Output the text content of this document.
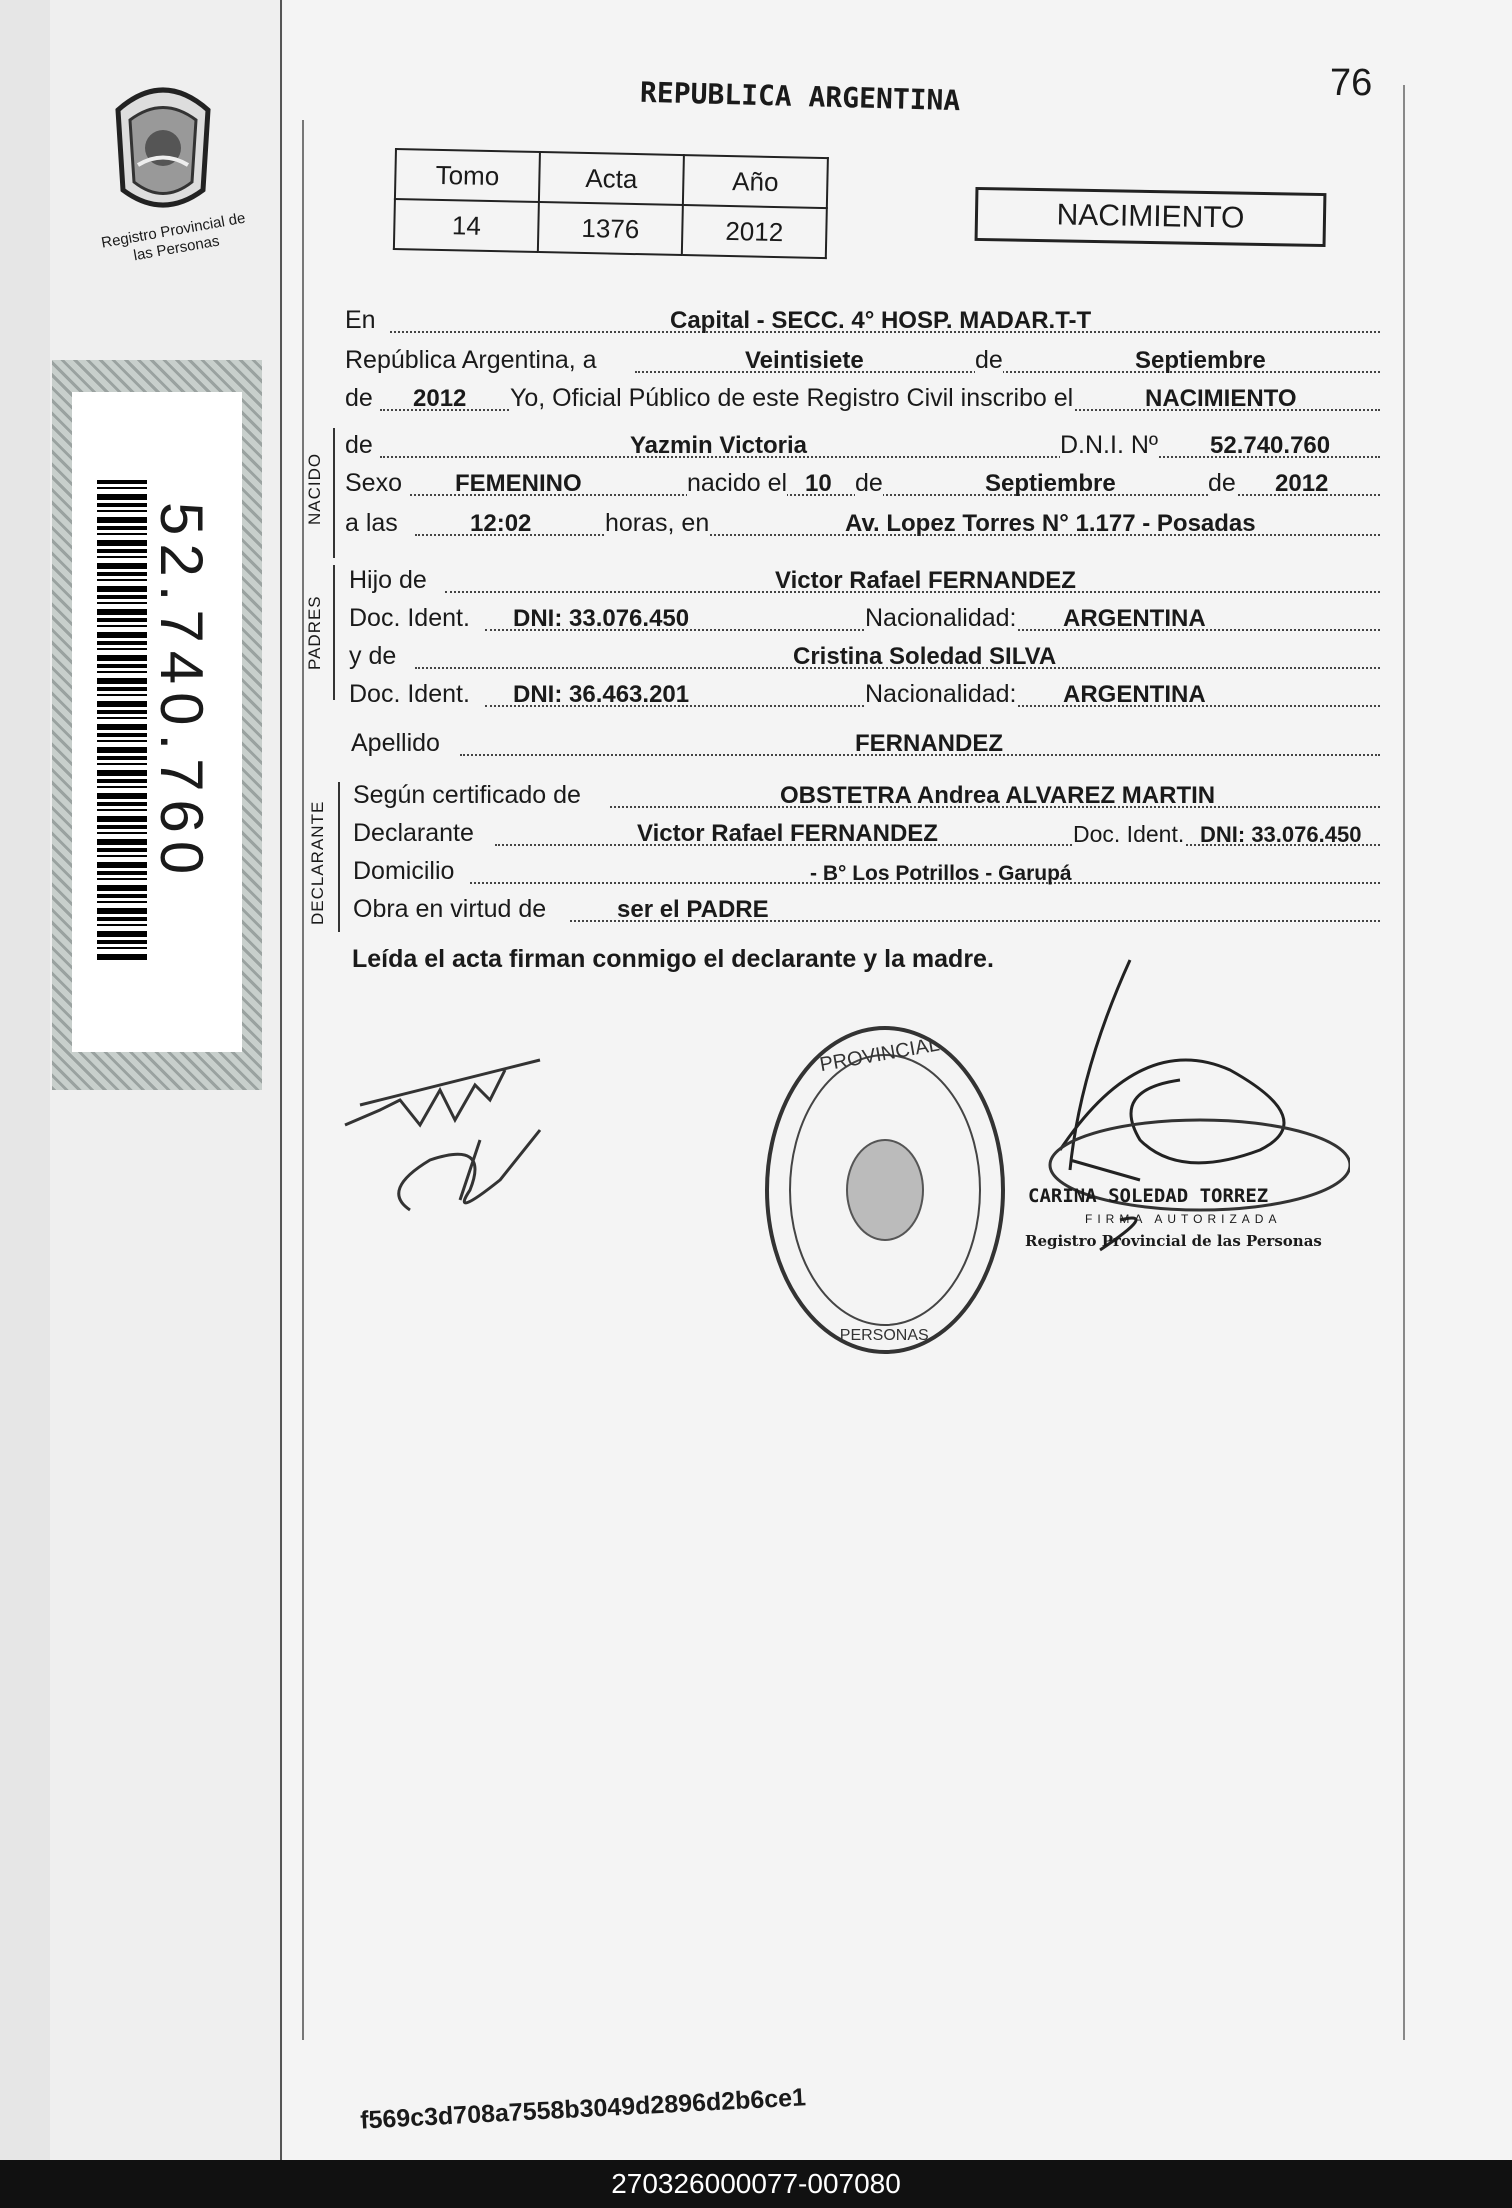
Registro Provincial de las Personas
52.740.760
REPUBLICA ARGENTINA	76
Tomo	Acta	Año
14	1376	2012	NACIMIENTO
En	Capital - SECC. 4° HOSP. MADAR.T-T
República Argentina, a	Veintisiete	de	Septiembre
de 2012 Yo, Oficial Público de este Registro Civil inscribo el	NACIMIENTO
NACIDO
de	Yazmin Victoria	D.N.I. Nº 52.740.760
Sexo FEMENINO	nacido el 10 de	Septiembre	de 2012
a las	12:02	horas, en	Av. Lopez Torres N° 1.177 - Posadas
PADRES
Hijo de	Victor Rafael FERNANDEZ
Doc. Ident. DNI: 33.076.450	Nacionalidad: ARGENTINA
y de	Cristina Soledad SILVA
Doc. Ident. DNI: 36.463.201	Nacionalidad: ARGENTINA
Apellido	FERNANDEZ
DECLARANTE
Según certificado de	OBSTETRA Andrea ALVAREZ MARTIN
Declarante	Victor Rafael FERNANDEZ	Doc. Ident. DNI: 33.076.450
Domicilio	- B° Los Potrillos - Garupá
Obra en virtud de	ser el PADRE
Leída el acta firman conmigo el declarante y la madre.
PROVINCIAL
· PERSONAS ·
CARINA SOLEDAD TORREZ
FIRMA AUTORIZADA
Registro Provincial de las Personas
f569c3d708a7558b3049d2896d2b6ce1
270326000077-007080
